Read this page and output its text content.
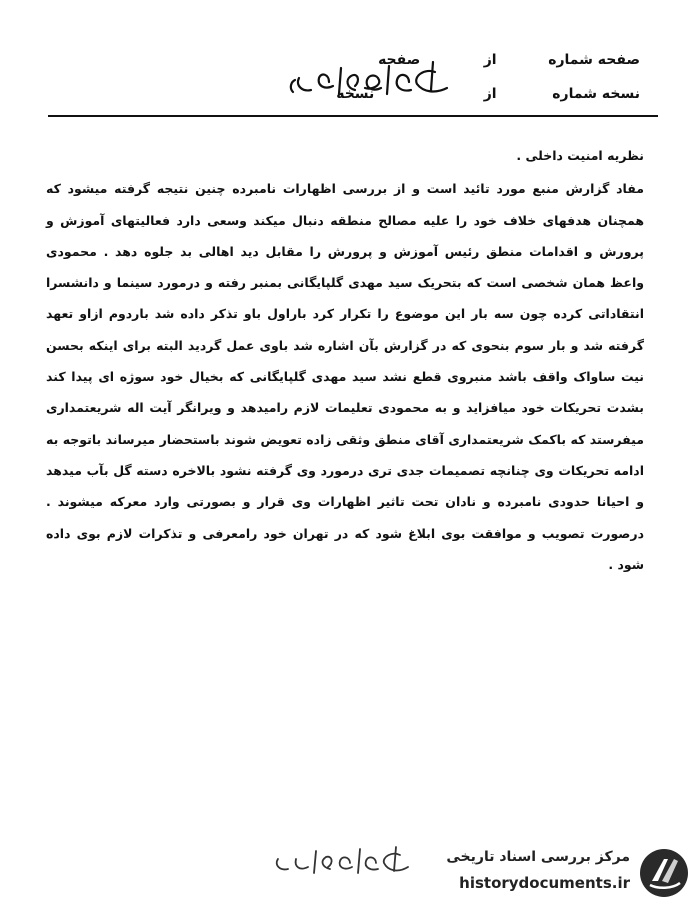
صفحه شماره از صفحه
نسخه شماره از نسخه

نظریه امنیت داخلی .

مفاد گزارش منبع مورد تائید است و از بررسی اظهارات نامبرده چنین نتیجه گرفته میشود که همچنان هدفهای خلاف خود را علیه مصالح منطقه دنبال میکند وسعی دارد فعالیتهای آموزش و پرورش و اقدامات منطق رئیس آموزش و پرورش را مقابل دید اهالی بد جلوه دهد . محمودی واعظ همان شخصی است که بتحریک سید مهدی گلپایگانی بمنبر رفته و درمورد سینما و دانشسرا انتقاداتی کرده چون سه بار این موضوع را تکرار کرد باراول باو تذکر داده شد باردوم ازاو تعهد گرفته شد و بار سوم بنحوی که در گزارش بآن اشاره شد باوی عمل گردید البته برای اینکه بحسن نیت ساواک واقف باشد منبروی قطع نشد سید مهدی گلپایگانی که بخیال خود سوژه ای پیدا کند بشدت تحریکات خود میافزاید و به محمودی تعلیمات لازم رامیدهد و ویرانگر آیت اله شریعتمداری میفرستد که باکمک شریعتمداری آقای منطق وثقی زاده تعویض شوند باستحضار میرساند باتوجه به ادامه تحریکات وی چنانچه تصمیمات جدی تری درمورد وی گرفته نشود بالاخره دسته گل بآب میدهد و احیانا حدودی نامبرده و نادان تحت تاثیر اظهارات وی قرار و بصورتی وارد معرکه میشوند . درصورت تصویب و موافقت بوی ابلاغ شود که در تهران خود رامعرفی و تذکرات لازم بوی داده شود .

مرکز بررسی اسناد تاریخی
historydocuments.ir
